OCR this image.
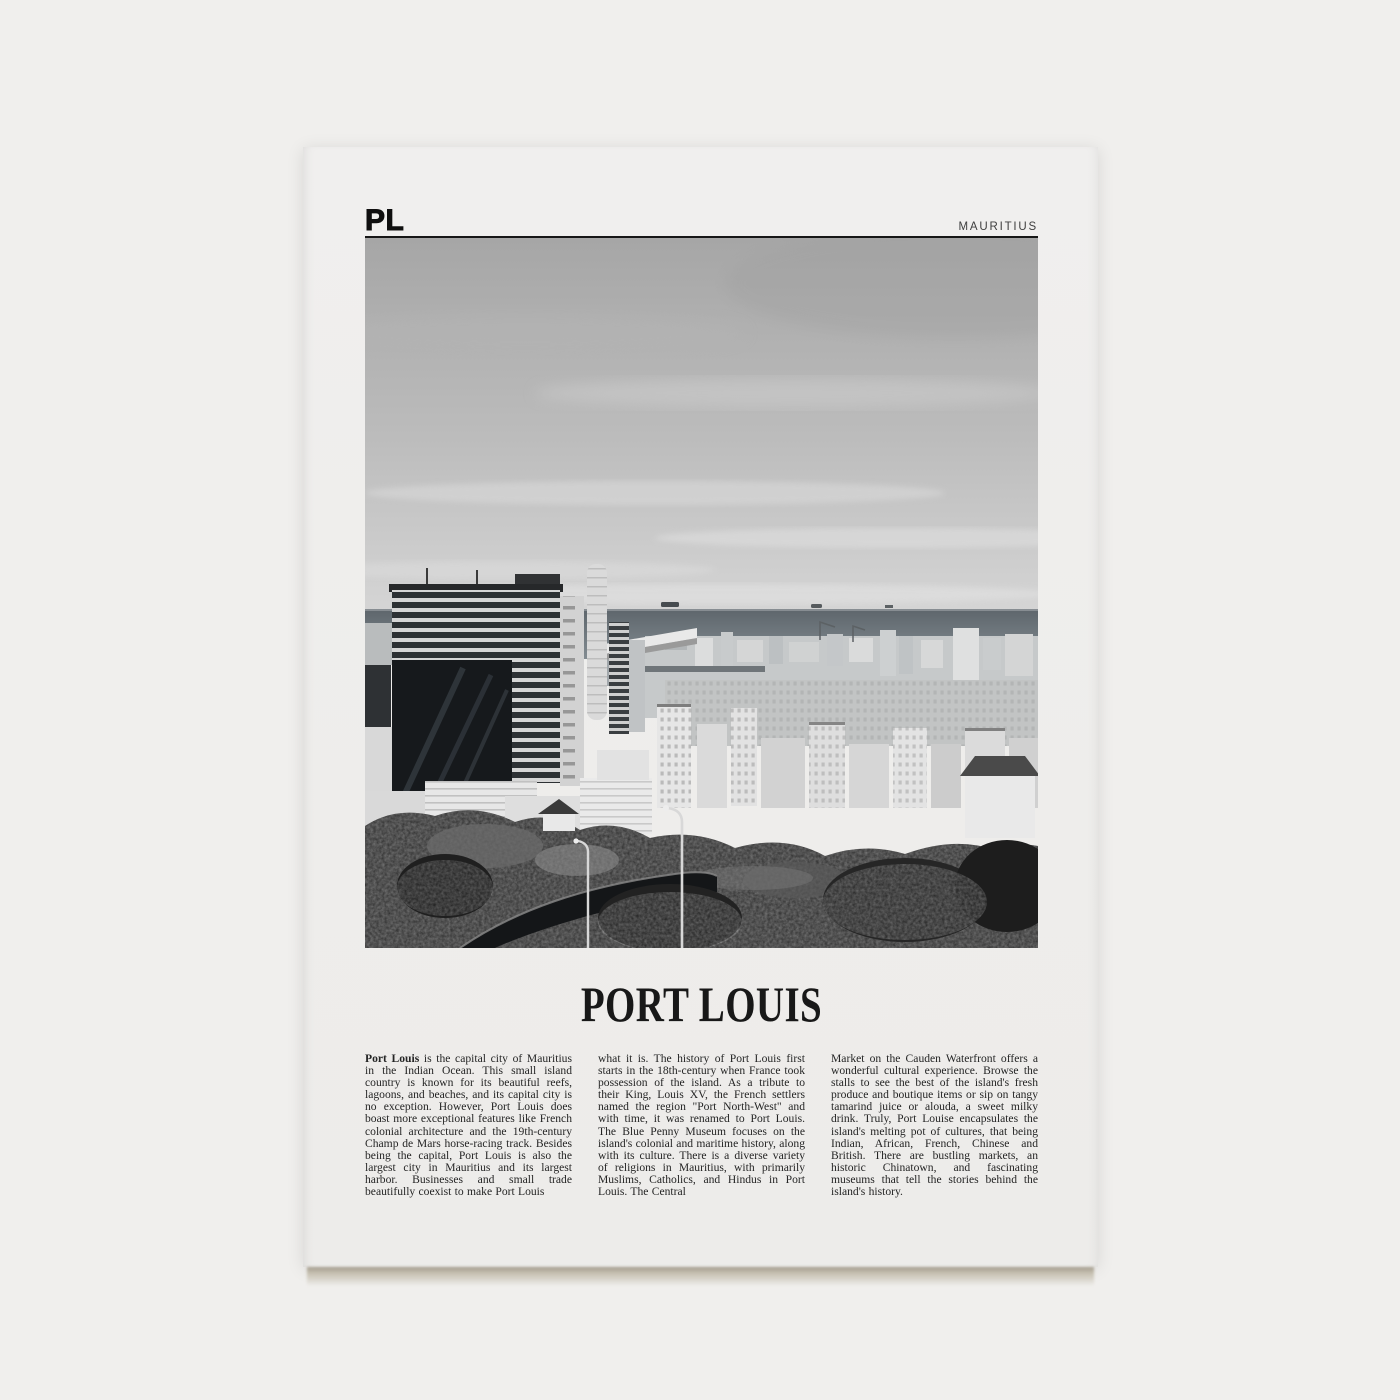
PL	MAURITIUS
PORT LOUIS

Port Louis is the capital city of Mauritius in the Indian Ocean. This small island country is known for its beautiful reefs, lagoons, and beaches, and its capital city is no exception. However, Port Louis does boast more exceptional features like French colonial architecture and the 19th-century Champ de Mars horse-racing track. Besides being the capital, Port Louis is also the largest city in Mauritius and its largest harbor. Businesses and small trade beautifully coexist to make Port Louis

what it is. The history of Port Louis first starts in the 18th-century when France took possession of the island. As a tribute to their King, Louis XV, the French settlers named the region "Port North-West" and with time, it was renamed to Port Louis. The Blue Penny Museum focuses on the island's colonial and maritime history, along with its culture. There is a diverse variety of religions in Mauritius, with primarily Muslims, Catholics, and Hindus in Port Louis. The Central

Market on the Cauden Waterfront offers a wonderful cultural experience. Browse the stalls to see the best of the island's fresh produce and boutique items or sip on tangy tamarind juice or alouda, a sweet milky drink. Truly, Port Louise encapsulates the island's melting pot of cultures, that being Indian, African, French, Chinese and British. There are bustling markets, an historic Chinatown, and fascinating museums that tell the stories behind the island's history.
